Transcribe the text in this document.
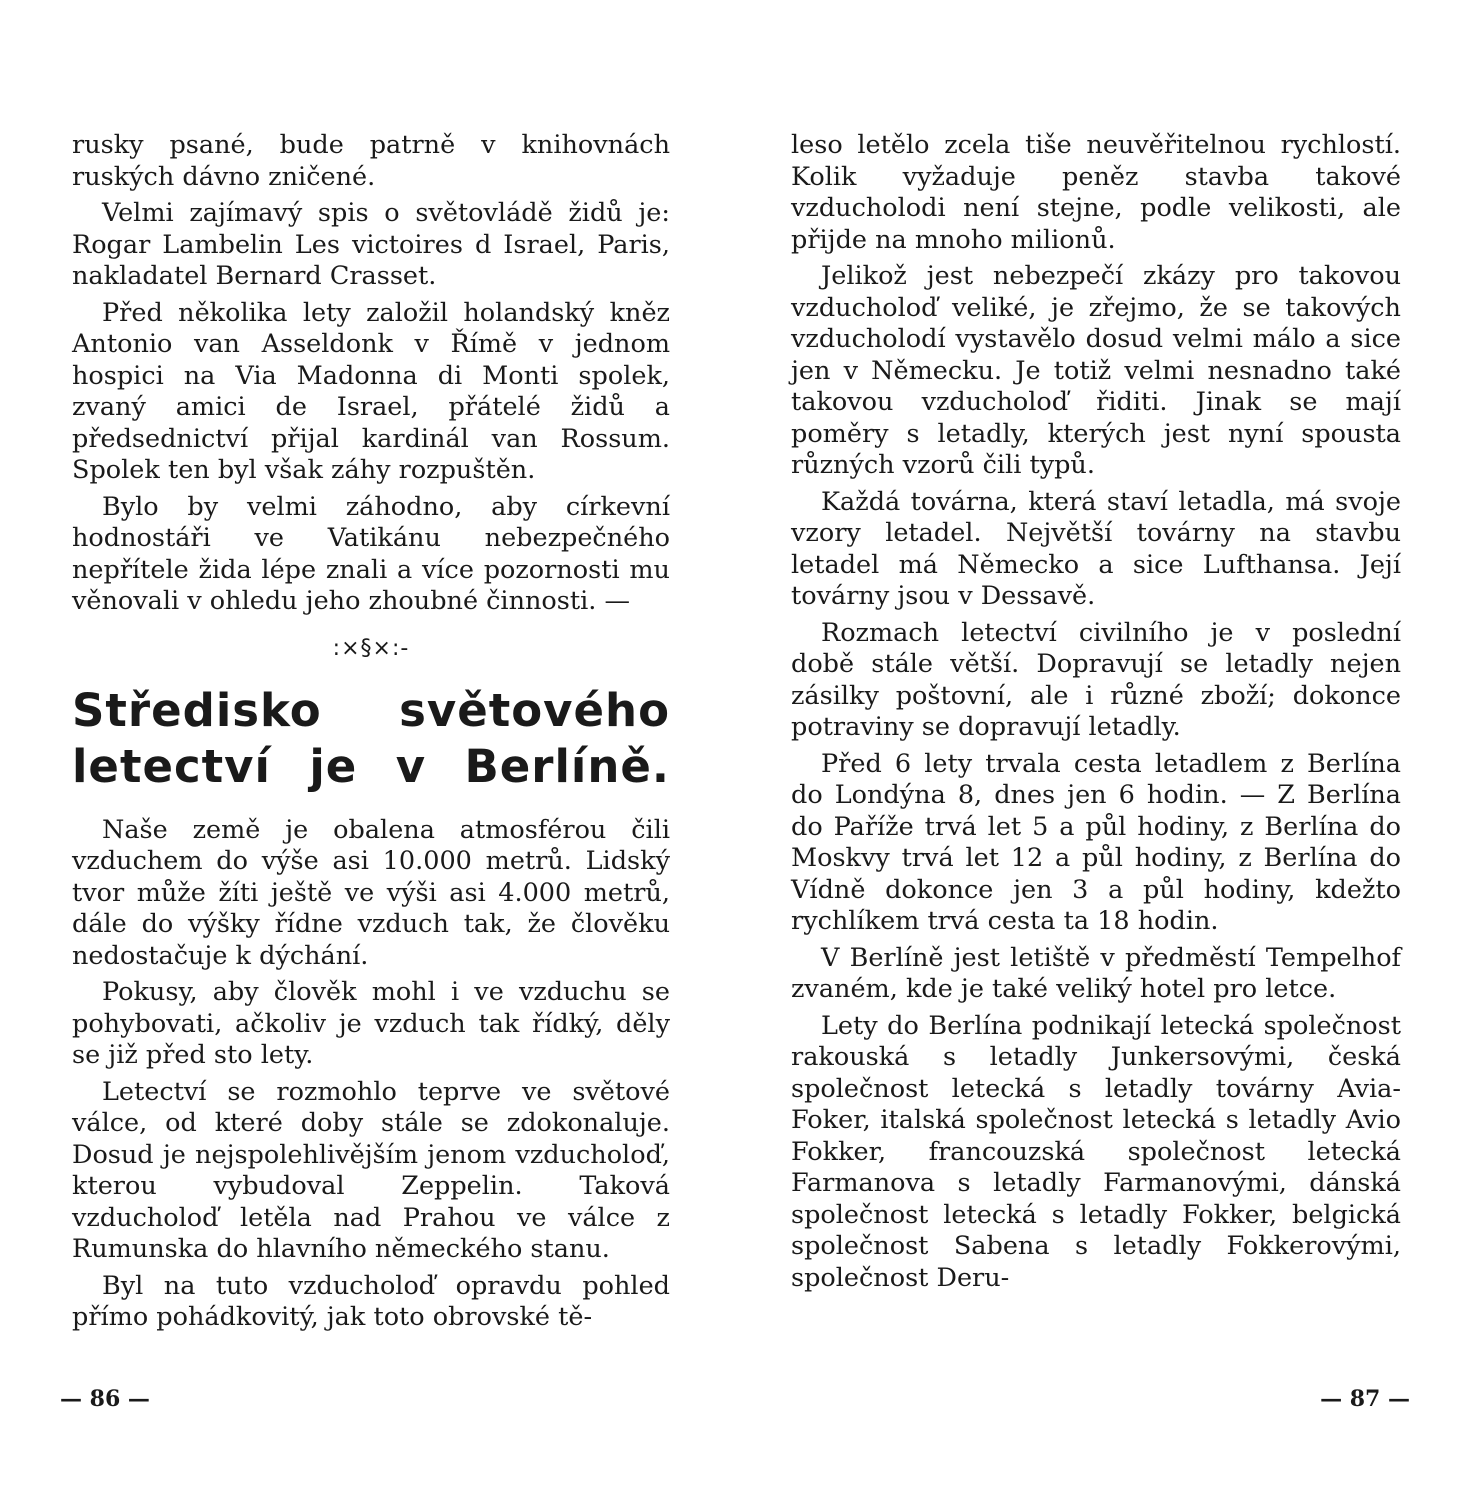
rusky psané, bude patrně v knihovnách ruských dávno zničené.

Velmi zajímavý spis o světovládě židů je: Rogar Lambelin Les victoires d Israel, Paris, nakladatel Bernard Crasset.

Před několika lety založil holandský kněz Antonio van Asseldonk v Římě v jednom hospici na Via Madonna di Monti spolek, zvaný amici de Israel, přátelé židů a předsednictví přijal kardinál van Rossum. Spolek ten byl však záhy rozpuštěn.

Bylo by velmi záhodno, aby církevní hodnostáři ve Vatikánu nebezpečného nepřítele žida lépe znali a více pozornosti mu věnovali v ohledu jeho zhoubné činnosti. —

:×§×:-
Středisko světového
letectví je v Berlíně.

Naše země je obalena atmosférou čili vzduchem do výše asi 10.000 metrů. Lidský tvor může žíti ještě ve výši asi 4.000 metrů, dále do výšky řídne vzduch tak, že člověku nedostačuje k dýchání.

Pokusy, aby člověk mohl i ve vzduchu se pohybovati, ačkoliv je vzduch tak řídký, děly se již před sto lety.

Letectví se rozmohlo teprve ve světové válce, od které doby stále se zdokonaluje. Dosud je nejspolehlivějším jenom vzducholoď, kterou vybudoval Zeppelin. Taková vzducholoď letěla nad Prahou ve válce z Rumunska do hlavního německého stanu.

Byl na tuto vzducholoď opravdu pohled přímo pohádkovitý, jak toto obrovské tě-

— 86 —

leso letělo zcela tiše neuvěřitelnou rychlostí. Kolik vyžaduje peněz stavba takové vzducholodi není stejne, podle velikosti, ale přijde na mnoho milionů.

Jelikož jest nebezpečí zkázy pro takovou vzducholoď veliké, je zřejmo, že se takových vzducholodí vystavělo dosud velmi málo a sice jen v Německu. Je totiž velmi nesnadno také takovou vzducholoď řiditi. Jinak se mají poměry s letadly, kterých jest nyní spousta různých vzorů čili typů.

Každá továrna, která staví letadla, má svoje vzory letadel. Největší továrny na stavbu letadel má Německo a sice Lufthansa. Její továrny jsou v Dessavě.

Rozmach letectví civilního je v poslední době stále větší. Dopravují se letadly nejen zásilky poštovní, ale i různé zboží; dokonce potraviny se dopravují letadly.

Před 6 lety trvala cesta letadlem z Berlína do Londýna 8, dnes jen 6 hodin. — Z Berlína do Paříže trvá let 5 a půl hodiny, z Berlína do Moskvy trvá let 12 a půl hodiny, z Berlína do Vídně dokonce jen 3 a půl hodiny, kdežto rychlíkem trvá cesta ta 18 hodin.

V Berlíně jest letiště v předměstí Tempelhof zvaném, kde je také veliký hotel pro letce.

Lety do Berlína podnikají letecká společnost rakouská s letadly Junkersovými, česká společnost letecká s letadly továrny Avia-Foker, italská společnost letecká s letadly Avio Fokker, francouzská společnost letecká Farmanova s letadly Farmanovými, dánská společnost letecká s letadly Fokker, belgická společnost Sabena s letadly Fokkerovými, společnost Deru-

— 87 —
